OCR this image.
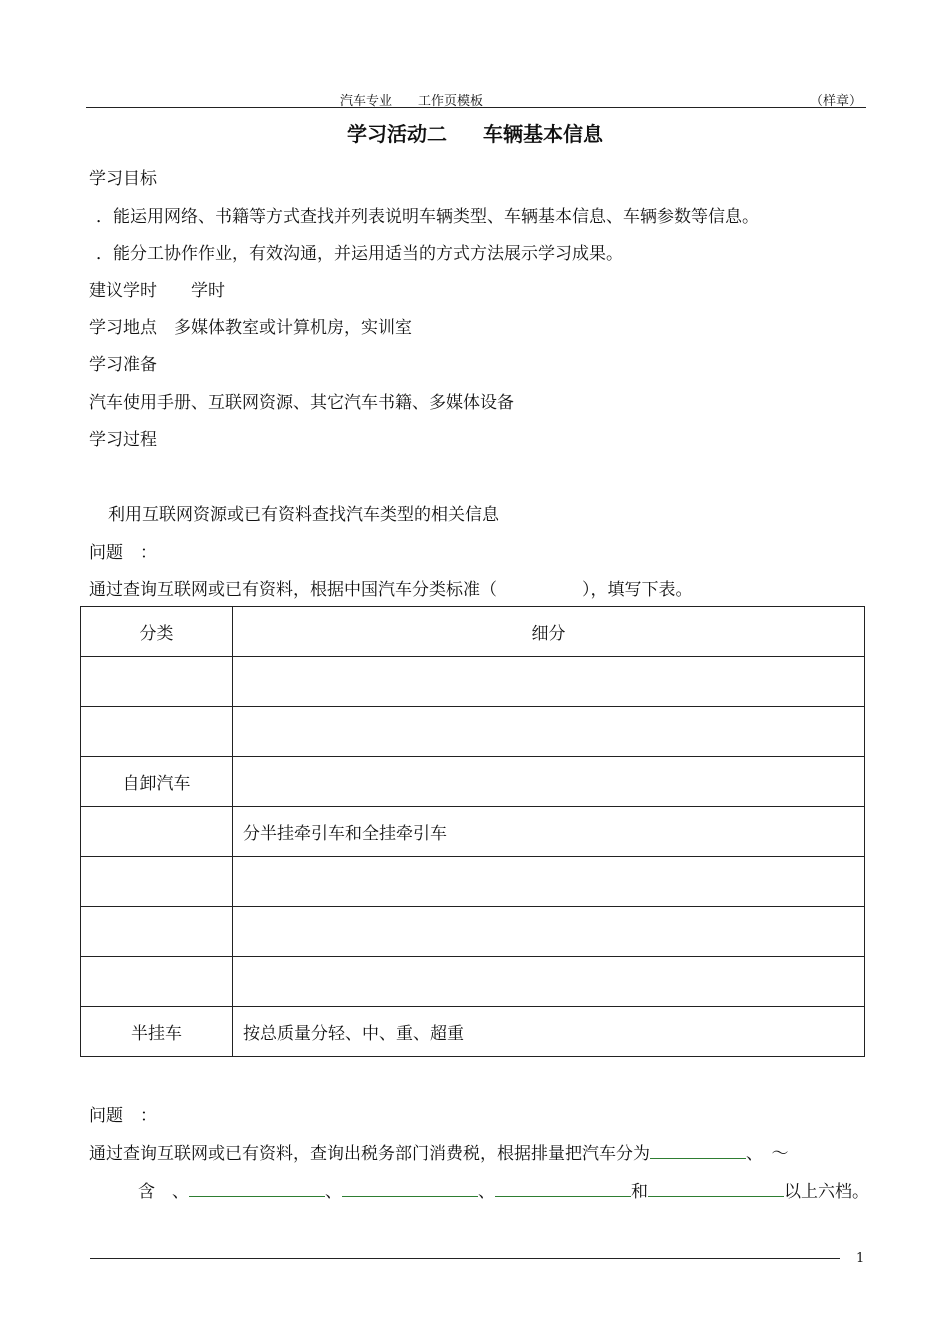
汽车专业　　工作页模板	（样章）
学习活动二 车辆基本信息
学习目标
．能运用网络、书籍等方式查找并列表说明车辆类型、车辆基本信息、车辆参数等信息。
．能分工协作作业，有效沟通，并运用适当的方式方法展示学习成果。
建议学时　　学时
学习地点　多媒体教室或计算机房，实训室
学习准备
汽车使用手册、互联网资源、其它汽车书籍、多媒体设备
学习过程
利用互联网资源或已有资料查找汽车类型的相关信息
问题　：
通过查询互联网或已有资料，根据中国汽车分类标准（　　　　　），填写下表。
分类	细分

自卸汽车	
	分半挂牵引车和全挂牵引车

半挂车	按总质量分轻、中、重、超重
问题　：
通过查询互联网或已有资料，查询出税务部门消费税，根据排量把汽车分为	、　～
含　、	、	、	和	以上六档。
1
